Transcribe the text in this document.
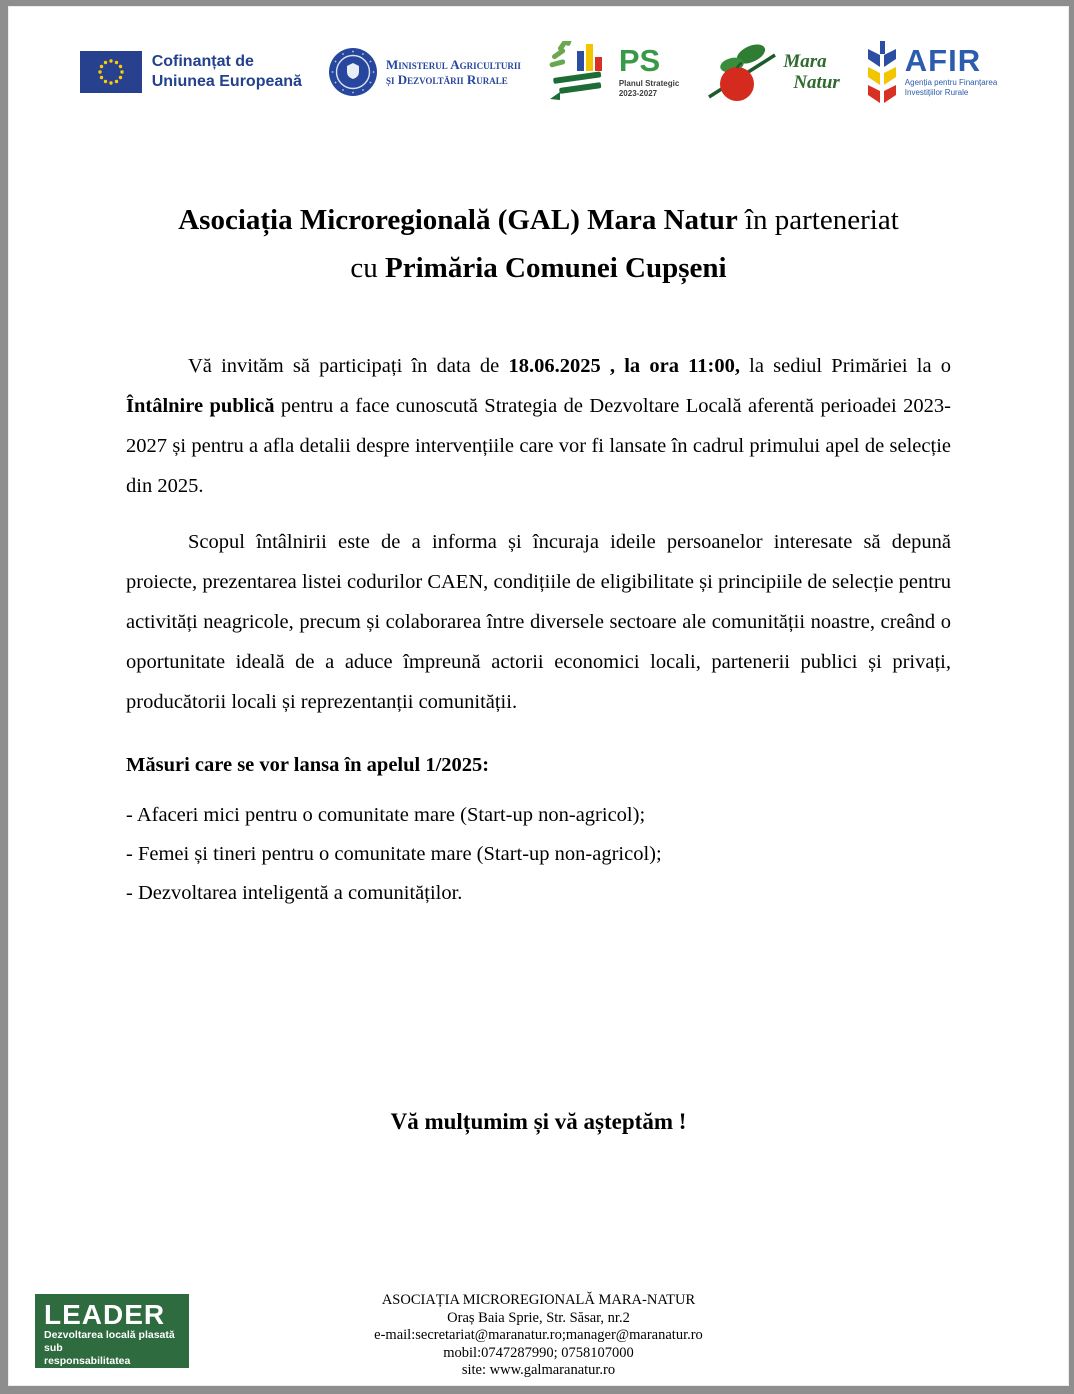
Cofinanțat de
Uniunea Europeană
Ministerul Agriculturii
și Dezvoltării Rurale
PS
Planul Strategic
2023-2027
Mara
Natur
AFIR
Agenția pentru Finanțarea
Investițiilor Rurale
Asociația Microregională (GAL) Mara Natur în parteneriat
cu Primăria Comunei Cupșeni

Vă invităm să participați în data de 18.06.2025 , la ora 11:00, la sediul Primăriei la o Întâlnire publică pentru a face cunoscută Strategia de Dezvoltare Locală aferentă perioadei 2023-2027 și pentru a afla detalii despre intervențiile care vor fi lansate în cadrul primului apel de selecție din 2025.

Scopul întâlnirii este de a informa și încuraja ideile persoanelor interesate să depună proiecte, prezentarea listei codurilor CAEN, condițiile de eligibilitate și principiile de selecție pentru activități neagricole, precum și colaborarea între diversele sectoare ale comunității noastre, creând o oportunitate ideală de a aduce împreună actorii economici locali, partenerii publici și privați, producătorii locali și reprezentanții comunității.

Măsuri care se vor lansa în apelul 1/2025:

- Afaceri mici pentru o comunitate mare (Start-up non-agricol);
- Femei și tineri pentru o comunitate mare (Start-up non-agricol);
- Dezvoltarea inteligentă a comunităților.

Vă mulțumim și vă așteptăm !

LEADER
Dezvoltarea locală plasată sub
responsabilitatea comunității
ASOCIAȚIA MICROREGIONALĂ MARA-NATUR
Oraș Baia Sprie, Str. Săsar, nr.2
e-mail:secretariat@maranatur.ro;manager@maranatur.ro
mobil:0747287990; 0758107000
site: www.galmaranatur.ro
